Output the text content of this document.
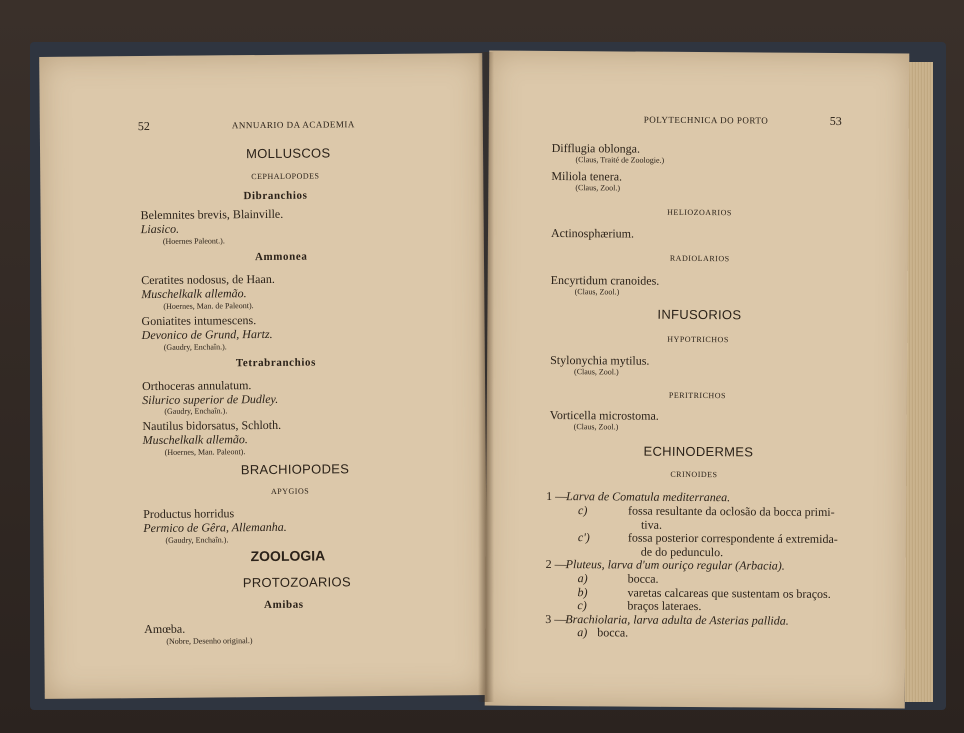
52	ANNUARIO DA ACADEMIA
MOLLUSCOS
CEPHALOPODES
Dibranchios
Belemnites brevis, Blainville.
Liasico.
(Hoernes Paleont.).
Ammonea
Ceratites nodosus, de Haan.
Muschelkalk allemão.
(Hoernes, Man. de Paleont).
Goniatites intumescens.
Devonico de Grund, Hartz.
(Gaudry, Enchaîn.).
Tetrabranchios
Orthoceras annulatum.
Silurico superior de Dudley.
(Gaudry, Enchaîn.).
Nautilus bidorsatus, Schloth.
Muschelkalk allemão.
(Hoernes, Man. Paleont).
BRACHIOPODES
APYGIOS
Productus horridus
Permico de Gêra, Allemanha.
(Gaudry, Enchaîn.).
ZOOLOGIA
PROTOZOARIOS
Amibas
Amœba.
(Nobre, Desenho original.)
POLYTECHNICA DO PORTO	53
Difflugia oblonga.
(Claus, Traité de Zoologie.)
Miliola tenera.
(Claus, Zool.)
HELIOZOARIOS
Actinosphærium.
RADIOLARIOS
Encyrtidum cranoides.
(Claus, Zool.)
INFUSORIOS
HYPOTRICHOS
Stylonychia mytilus.
(Claus, Zool.)
PERITRICHOS
Vorticella microstoma.
(Claus, Zool.)
ECHINODERMES
CRINOIDES
1 —
Larva de Comatula mediterranea.
c)	fossa resultante da oclosão da bocca primi-
tiva.
c')	fossa posterior correspondente á extremida-
de do pedunculo.
2 —
Pluteus, larva d'um ouriço regular (Arbacia).
a)	bocca.
b)	varetas calcareas que sustentam os braços.
c)	braços lateraes.
3 —
Brachiolaria, larva adulta de Asterias pallida.
a) bocca.
